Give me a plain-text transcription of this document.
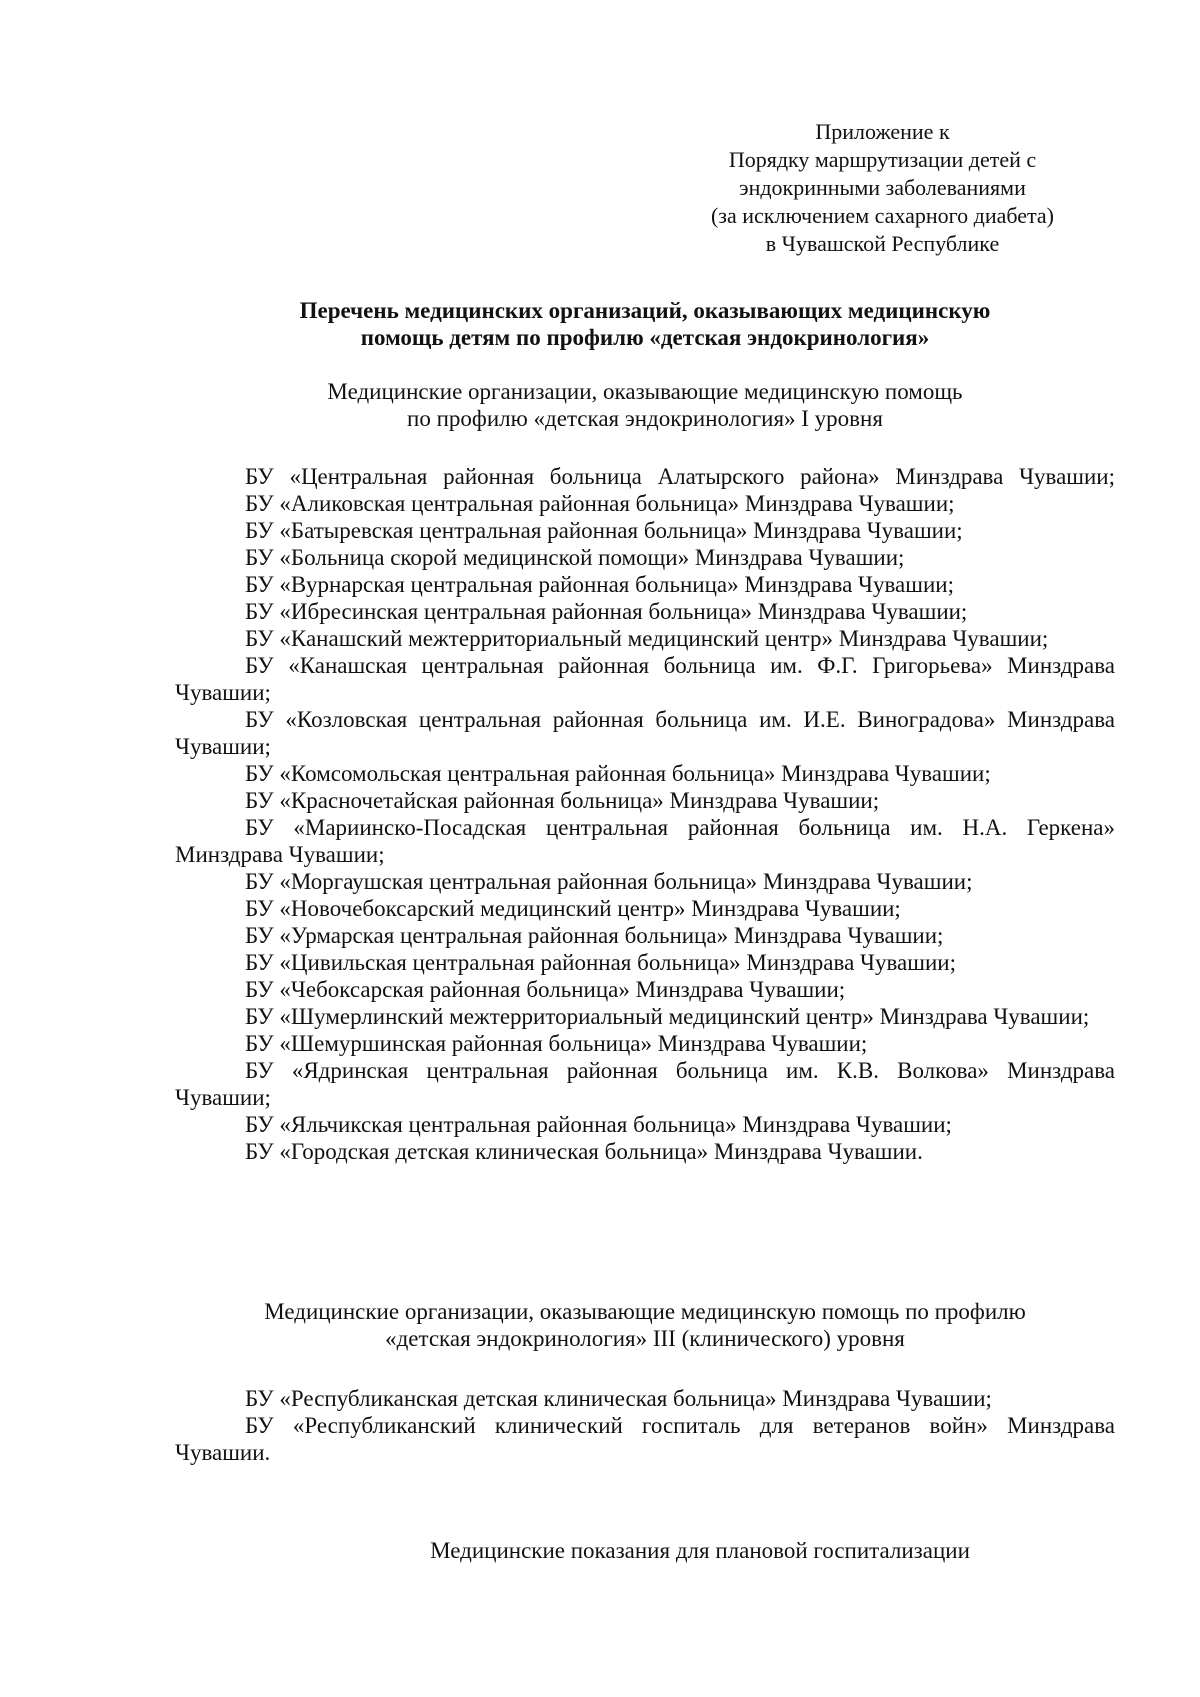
Приложение к
Порядку маршрутизации детей с
эндокринными заболеваниями
(за исключением сахарного диабета)
в Чувашской Республике
Перечень медицинских организаций, оказывающих медицинскую
помощь детям по профилю «детская эндокринология»
Медицинские организации, оказывающие медицинскую помощь
по профилю «детская эндокринология» I уровня
БУ «Центральная районная больница Алатырского района» Минздрава Чувашии;
БУ «Аликовская центральная районная больница» Минздрава Чувашии;
БУ «Батыревская центральная районная больница» Минздрава Чувашии;
БУ «Больница скорой медицинской помощи» Минздрава Чувашии;
БУ «Вурнарская центральная районная больница» Минздрава Чувашии;
БУ «Ибресинская центральная районная больница» Минздрава Чувашии;
БУ «Канашский межтерриториальный медицинский центр» Минздрава Чувашии;
БУ «Канашская центральная районная больница им. Ф.Г. Григорьева» Минздрава Чувашии;
БУ «Козловская центральная районная больница им. И.Е. Виноградова» Минздрава Чувашии;
БУ «Комсомольская центральная районная больница» Минздрава Чувашии;
БУ «Красночетайская районная больница» Минздрава Чувашии;
БУ «Мариинско-Посадская центральная районная больница им. Н.А. Геркена» Минздрава Чувашии;
БУ «Моргаушская центральная районная больница» Минздрава Чувашии;
БУ «Новочебоксарский медицинский центр» Минздрава Чувашии;
БУ «Урмарская центральная районная больница» Минздрава Чувашии;
БУ «Цивильская центральная районная больница» Минздрава Чувашии;
БУ «Чебоксарская районная больница» Минздрава Чувашии;
БУ «Шумерлинский межтерриториальный медицинский центр» Минздрава Чувашии;
БУ «Шемуршинская районная больница» Минздрава Чувашии;
БУ «Ядринская центральная районная больница им. К.В. Волкова» Минздрава Чувашии;
БУ «Яльчикская центральная районная больница» Минздрава Чувашии;
БУ «Городская детская клиническая больница» Минздрава Чувашии.
Медицинские организации, оказывающие медицинскую помощь по профилю
«детская эндокринология» III (клинического) уровня
БУ «Республиканская детская клиническая больница» Минздрава Чувашии;
БУ «Республиканский клинический госпиталь для ветеранов войн» Минздрава Чувашии.
Медицинские показания для плановой госпитализации
